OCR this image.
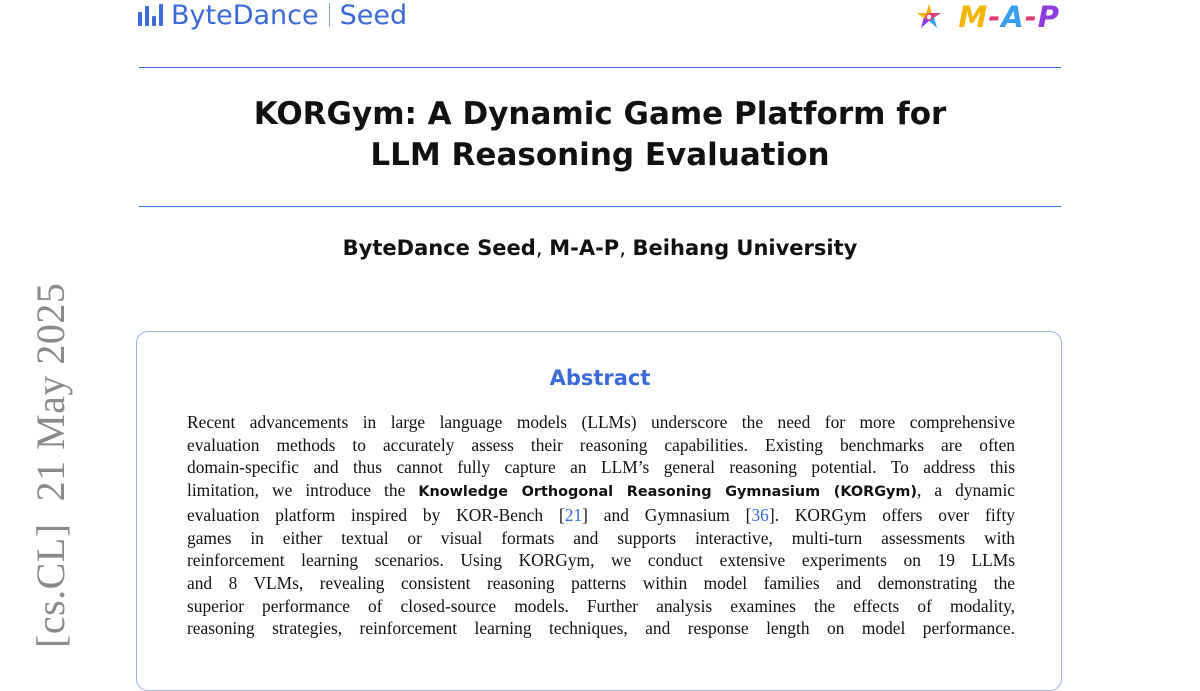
ByteDance Seed	M-A-P
KORGym: A Dynamic Game Platform for
LLM Reasoning Evaluation
ByteDance Seed, M-A-P, Beihang University
[cs.CL]21 May 2025	Abstract
Recent advancements in large language models (LLMs) underscore the need for more comprehensive
evaluation methods to accurately assess their reasoning capabilities. Existing benchmarks are often
domain-specific and thus cannot fully capture an LLM’s general reasoning potential. To address this
limitation, we introduce the Knowledge Orthogonal Reasoning Gymnasium (KORGym), a dynamic
evaluation platform inspired by KOR-Bench [21] and Gymnasium [36]. KORGym offers over fifty
games in either textual or visual formats and supports interactive, multi-turn assessments with
reinforcement learning scenarios. Using KORGym, we conduct extensive experiments on 19 LLMs
and 8 VLMs, revealing consistent reasoning patterns within model families and demonstrating the
superior performance of closed-source models. Further analysis examines the effects of modality,
reasoning strategies, reinforcement learning techniques, and response length on model performance.
